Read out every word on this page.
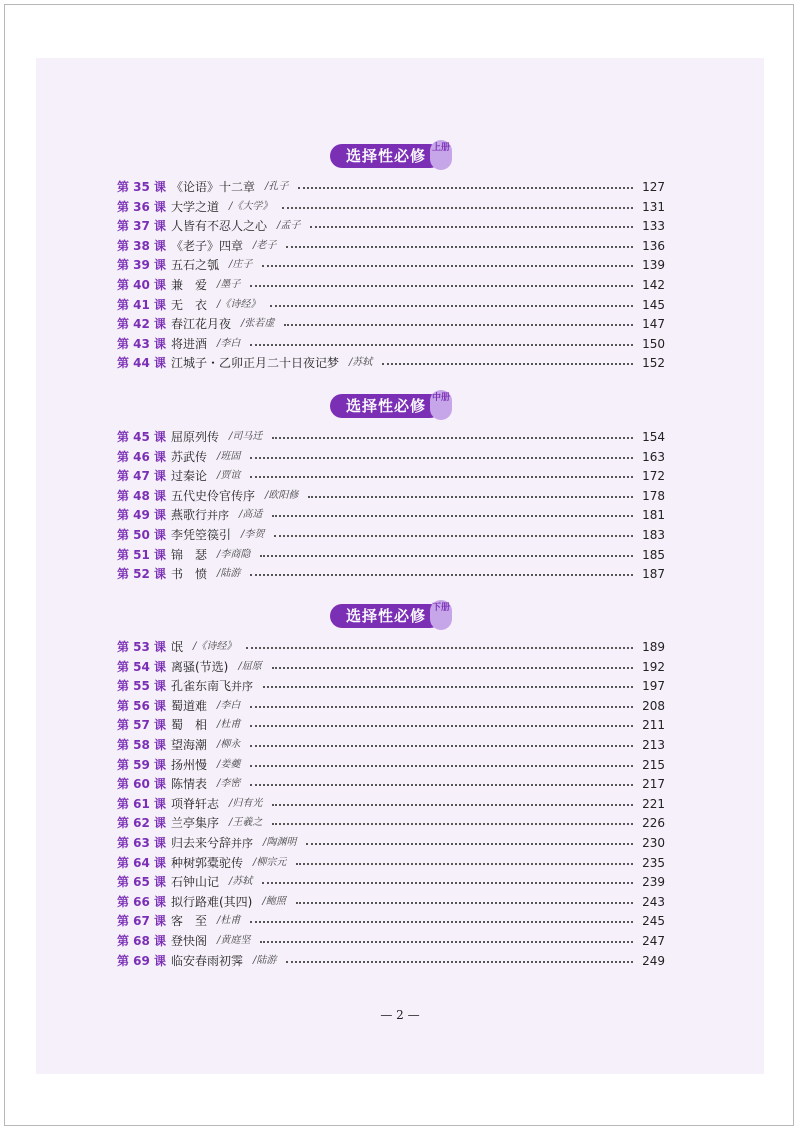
选择性必修 上册
第 35 课 《论语》十二章 /孔子	127
第 36 课 大学之道 /《大学》	131
第 37 课 人皆有不忍人之心 /孟子	133
第 38 课 《老子》四章 /老子	136
第 39 课 五石之瓠 /庄子	139
第 40 课 兼　爱 /墨子	142
第 41 课 无　衣 /《诗经》	145
第 42 课 春江花月夜 /张若虚	147
第 43 课 将进酒 /李白	150
第 44 课 江城子・乙卯正月二十日夜记梦 /苏轼	152
选择性必修 中册
第 45 课 屈原列传 /司马迁	154
第 46 课 苏武传 /班固	163
第 47 课 过秦论 /贾谊	172
第 48 课 五代史伶官传序 /欧阳修	178
第 49 课 燕歌行并序 /高适	181
第 50 课 李凭箜篌引 /李贺	183
第 51 课 锦　瑟 /李商隐	185
第 52 课 书　愤 /陆游	187
选择性必修 下册
第 53 课 氓 /《诗经》	189
第 54 课 离骚(节选) /屈原	192
第 55 课 孔雀东南飞并序	197
第 56 课 蜀道难 /李白	208
第 57 课 蜀　相 /杜甫	211
第 58 课 望海潮 /柳永	213
第 59 课 扬州慢 /姜夔	215
第 60 课 陈情表 /李密	217
第 61 课 项脊轩志 /归有光	221
第 62 课 兰亭集序 /王羲之	226
第 63 课 归去来兮辞并序 /陶渊明	230
第 64 课 种树郭橐驼传 /柳宗元	235
第 65 课 石钟山记 /苏轼	239
第 66 课 拟行路难(其四) /鲍照	243
第 67 课 客　至 /杜甫	245
第 68 课 登快阁 /黄庭坚	247
第 69 课 临安春雨初霁 /陆游	249
— 2 —
